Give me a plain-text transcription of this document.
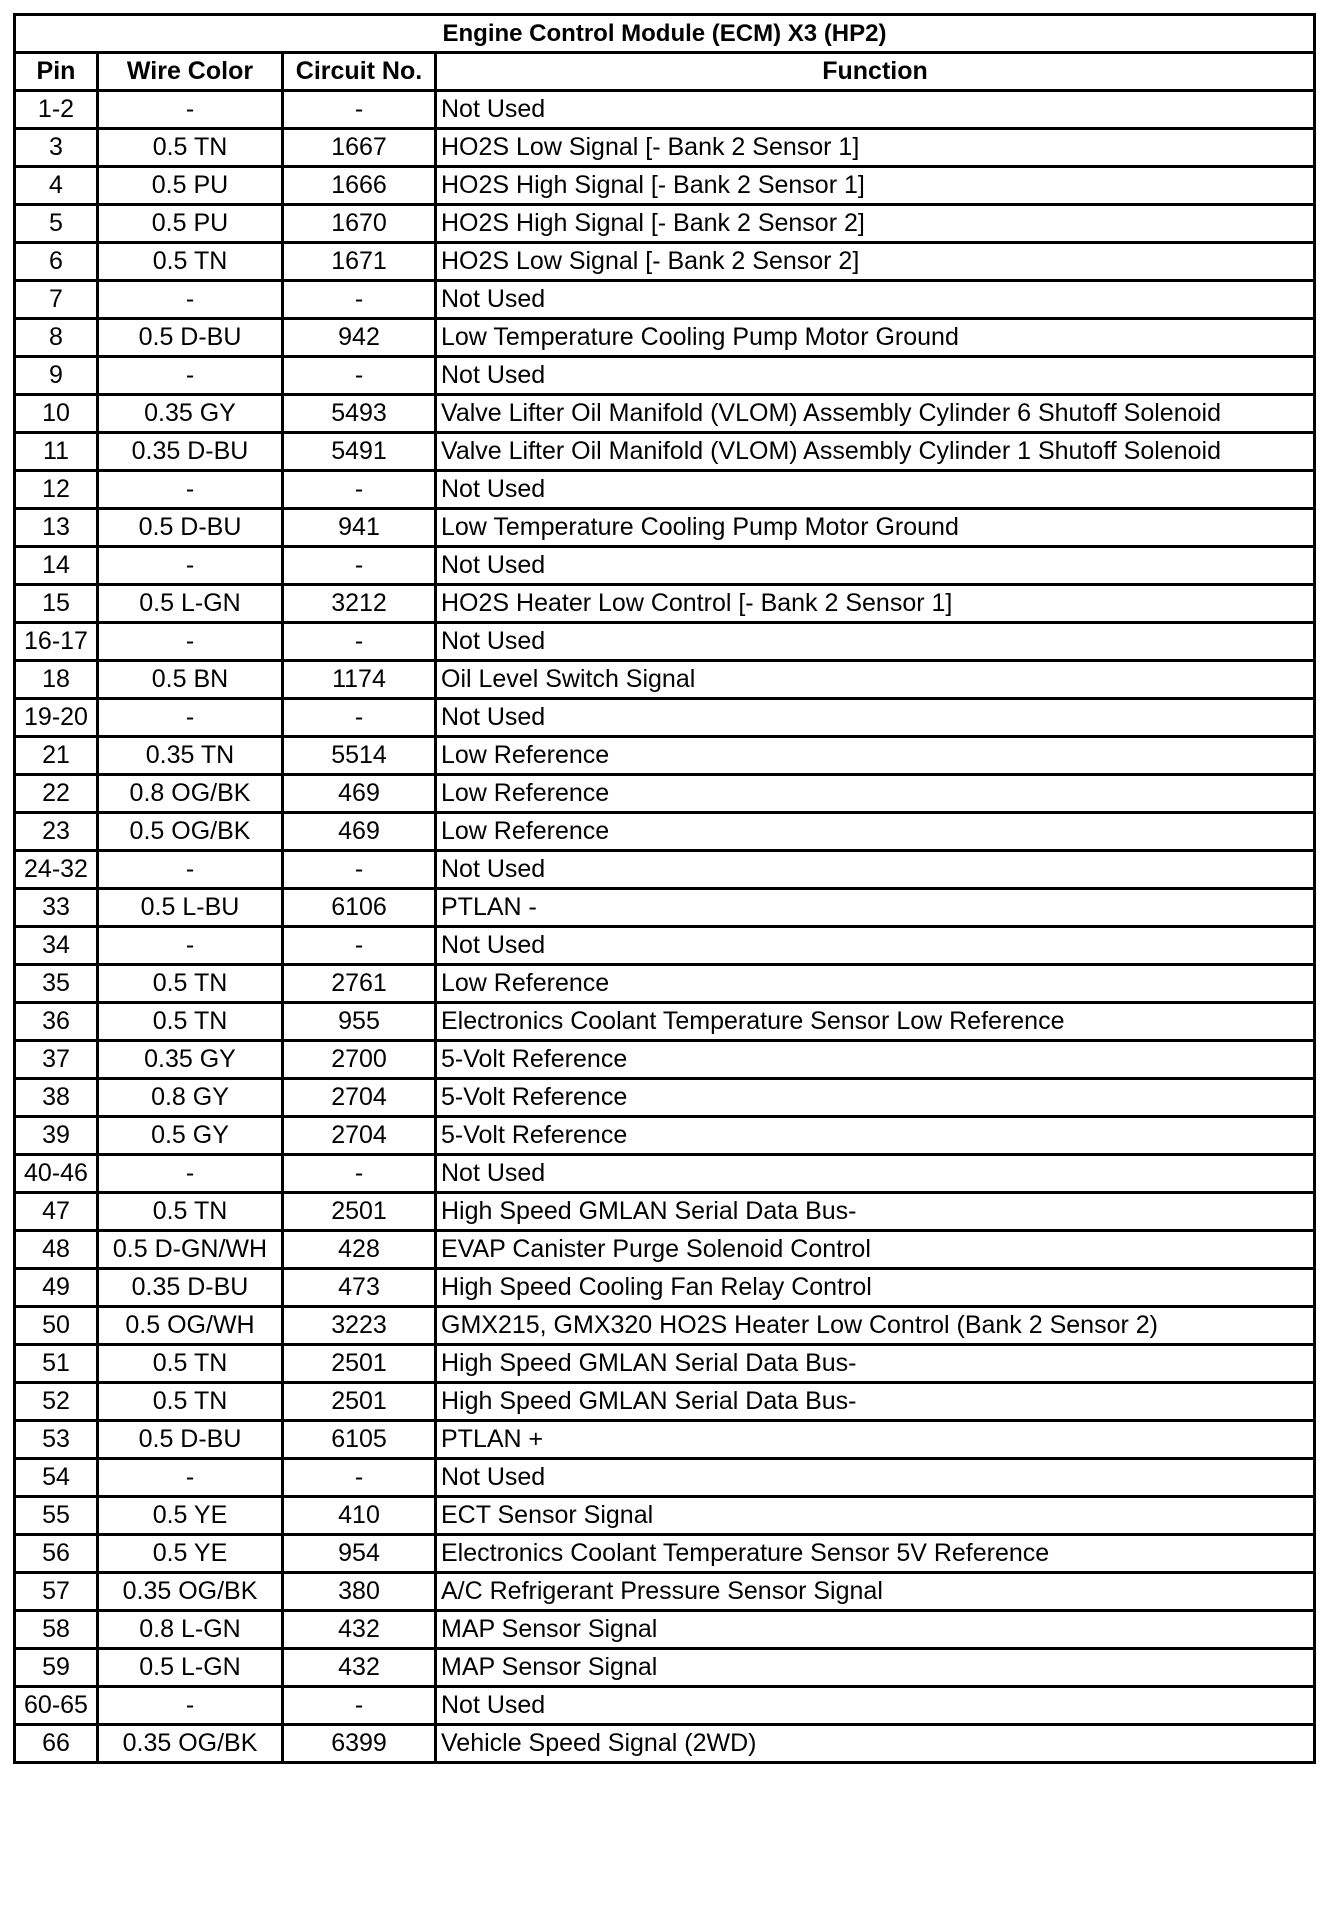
Engine Control Module (ECM) X3 (HP2)			
Pin	Wire Color	Circuit No.	Function
1-2	-	-	Not Used
3	0.5 TN	1667	HO2S Low Signal [- Bank 2 Sensor 1]
4	0.5 PU	1666	HO2S High Signal [- Bank 2 Sensor 1]
5	0.5 PU	1670	HO2S High Signal [- Bank 2 Sensor 2]
6	0.5 TN	1671	HO2S Low Signal [- Bank 2 Sensor 2]
7	-	-	Not Used
8	0.5 D-BU	942	Low Temperature Cooling Pump Motor Ground
9	-	-	Not Used
10	0.35 GY	5493	Valve Lifter Oil Manifold (VLOM) Assembly Cylinder 6 Shutoff Solenoid
11	0.35 D-BU	5491	Valve Lifter Oil Manifold (VLOM) Assembly Cylinder 1 Shutoff Solenoid
12	-	-	Not Used
13	0.5 D-BU	941	Low Temperature Cooling Pump Motor Ground
14	-	-	Not Used
15	0.5 L-GN	3212	HO2S Heater Low Control [- Bank 2 Sensor 1]
16-17	-	-	Not Used
18	0.5 BN	1174	Oil Level Switch Signal
19-20	-	-	Not Used
21	0.35 TN	5514	Low Reference
22	0.8 OG/BK	469	Low Reference
23	0.5 OG/BK	469	Low Reference
24-32	-	-	Not Used
33	0.5 L-BU	6106	PTLAN -
34	-	-	Not Used
35	0.5 TN	2761	Low Reference
36	0.5 TN	955	Electronics Coolant Temperature Sensor Low Reference
37	0.35 GY	2700	5-Volt Reference
38	0.8 GY	2704	5-Volt Reference
39	0.5 GY	2704	5-Volt Reference
40-46	-	-	Not Used
47	0.5 TN	2501	High Speed GMLAN Serial Data Bus-
48	0.5 D-GN/WH	428	EVAP Canister Purge Solenoid Control
49	0.35 D-BU	473	High Speed Cooling Fan Relay Control
50	0.5 OG/WH	3223	GMX215, GMX320 HO2S Heater Low Control (Bank 2 Sensor 2)
51	0.5 TN	2501	High Speed GMLAN Serial Data Bus-
52	0.5 TN	2501	High Speed GMLAN Serial Data Bus-
53	0.5 D-BU	6105	PTLAN +
54	-	-	Not Used
55	0.5 YE	410	ECT Sensor Signal
56	0.5 YE	954	Electronics Coolant Temperature Sensor 5V Reference
57	0.35 OG/BK	380	A/C Refrigerant Pressure Sensor Signal
58	0.8 L-GN	432	MAP Sensor Signal
59	0.5 L-GN	432	MAP Sensor Signal
60-65	-	-	Not Used
66	0.35 OG/BK	6399	Vehicle Speed Signal (2WD)
